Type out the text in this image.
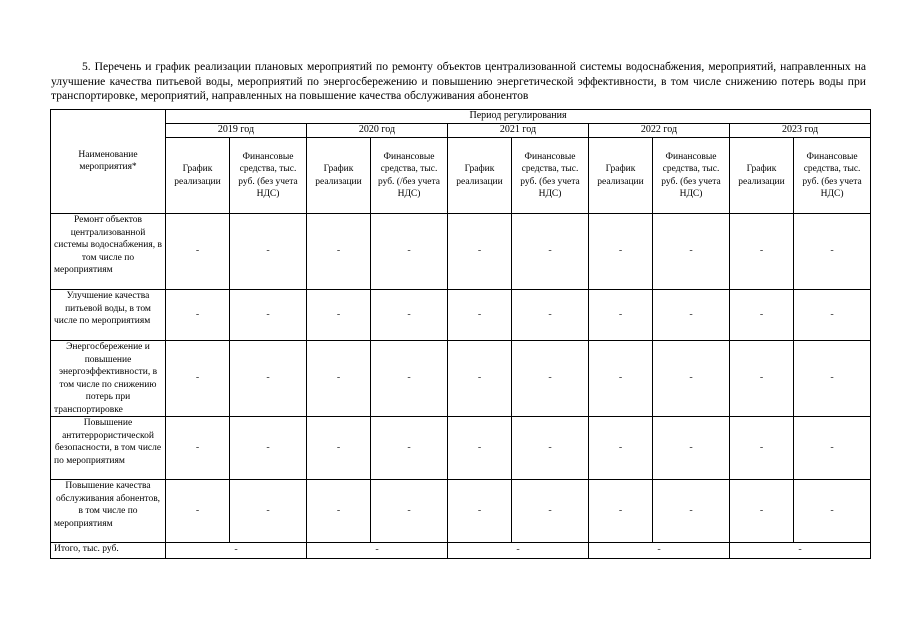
5. Перечень и график реализации плановых мероприятий по ремонту объектов централизованной системы водоснабжения, мероприятий, направленных на улучшение качества питьевой воды, мероприятий по энергосбережению и повышению энергетической эффективности, в том числе снижению потерь воды при транспортировке, мероприятий, направленных на повышение качества обслуживания абонентов

Наименование мероприятия*	Период регулирования									
	2019 год		2020 год		2021 год		2022 год		2023 год	
	График реализации	Финансовые средства, тыс. руб. (без учета НДС)	График реализации	Финансовые средства, тыс. руб. (/без учета НДС)	График реализации	Финансовые средства, тыс. руб. (без учета НДС)	График реализации	Финансовые средства, тыс. руб. (без учета НДС)	График реализации	Финансовые средства, тыс. руб. (без учета НДС)
Ремонт объектов централизованной системы водоснабжения, в том числе по мероприятиям	-	-	-	-	-	-	-	-	-	-
Улучшение качества питьевой воды, в том числе по мероприятиям	-	-	-	-	-	-	-	-	-	-
Энергосбережение и повышение энергоэффективности, в том числе по снижению потерь при транспортировке	-	-	-	-	-	-	-	-	-	-
Повышение антитеррористической безопасности, в том числе по мероприятиям	-	-	-	-	-	-	-	-	-	-
Повышение качества обслуживания абонентов, в том числе по мероприятиям	-	-	-	-	-	-	-	-	-	-
Итого, тыс. руб.	-		-		-		-		-	
